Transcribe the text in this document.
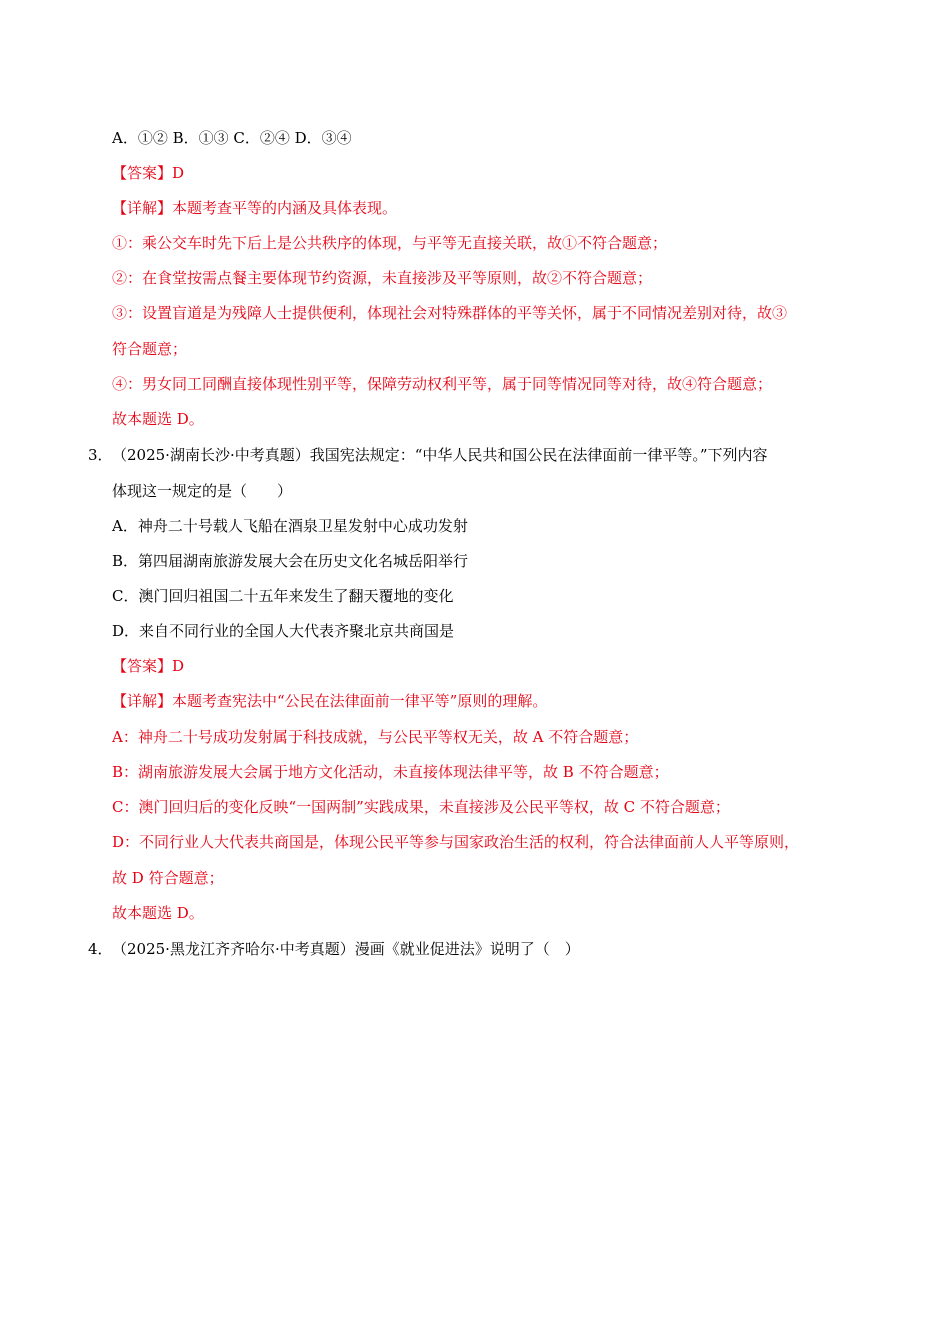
A．①② B．①③ C．②④ D．③④
【答案】D
【详解】本题考查平等的内涵及具体表现。
①：乘公交车时先下后上是公共秩序的体现，与平等无直接关联，故①不符合题意；
②：在食堂按需点餐主要体现节约资源，未直接涉及平等原则，故②不符合题意；
③：设置盲道是为残障人士提供便利，体现社会对特殊群体的平等关怀，属于不同情况差别对待，故③
符合题意；
④：男女同工同酬直接体现性别平等，保障劳动权利平等，属于同等情况同等对待，故④符合题意；
故本题选 D。
3． （2025·湖南长沙·中考真题）我国宪法规定：“中华人民共和国公民在法律面前一律平等。”下列内容
体现这一规定的是（　　）
A．神舟二十号载人飞船在酒泉卫星发射中心成功发射
B．第四届湖南旅游发展大会在历史文化名城岳阳举行
C．澳门回归祖国二十五年来发生了翻天覆地的变化
D．来自不同行业的全国人大代表齐聚北京共商国是
【答案】D
【详解】本题考查宪法中“公民在法律面前一律平等”原则的理解。
A：神舟二十号成功发射属于科技成就，与公民平等权无关，故 A 不符合题意；
B：湖南旅游发展大会属于地方文化活动，未直接体现法律平等，故 B 不符合题意；
C：澳门回归后的变化反映“一国两制”实践成果，未直接涉及公民平等权，故 C 不符合题意；
D：不同行业人大代表共商国是，体现公民平等参与国家政治生活的权利，符合法律面前人人平等原则，
故 D 符合题意；
故本题选 D。
4． （2025·黑龙江齐齐哈尔·中考真题）漫画《就业促进法》说明了（　）
